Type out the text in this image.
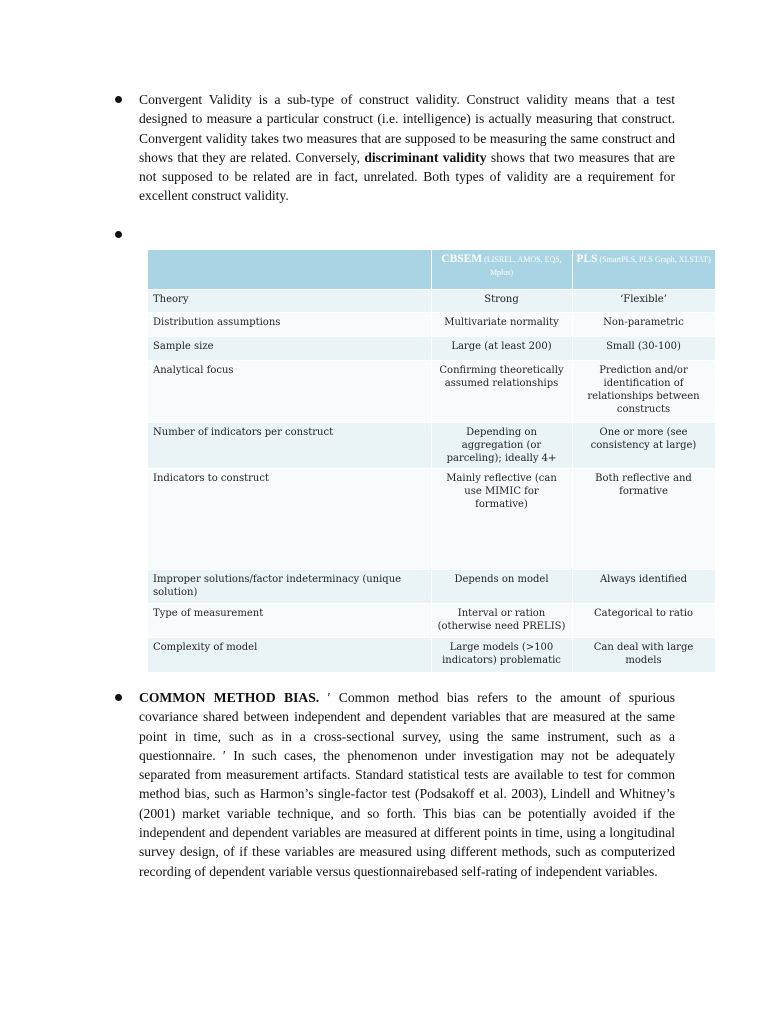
Convergent Validity is a sub-type of construct validity. Construct validity means that a test designed to measure a particular construct (i.e. intelligence) is actually measuring that construct. Convergent validity takes two measures that are supposed to be measuring the same construct and shows that they are related. Conversely, discriminant validity shows that two measures that are not supposed to be related are in fact, unrelated. Both types of validity are a requirement for excellent construct validity.

	CBSEM (LISREL, AMOS, EQS, Mplus)	PLS (SmartPLS, PLS Graph, XLSTAT)
Theory	Strong	‘Flexible’
Distribution assumptions	Multivariate normality	Non-parametric
Sample size	Large (at least 200)	Small (30-100)
Analytical focus	Confirming theoretically assumed relationships	Prediction and/or identification of relationships between constructs
Number of indicators per construct	Depending on aggregation (or parceling); ideally 4+	One or more (see consistency at large)
Indicators to construct	Mainly reflective (can use MIMIC for formative)	Both reflective and formative
Improper solutions/factor indeterminacy (unique solution)	Depends on model	Always identified
Type of measurement	Interval or ration (otherwise need PRELIS)	Categorical to ratio
Complexity of model	Large models (>100 indicators) problematic	Can deal with large models

COMMON METHOD BIAS. ′ Common method bias refers to the amount of spurious covariance shared between independent and dependent variables that are measured at the same point in time, such as in a cross-sectional survey, using the same instrument, such as a questionnaire. ′ In such cases, the phenomenon under investigation may not be adequately separated from measurement artifacts. Standard statistical tests are available to test for common method bias, such as Harmon’s single-factor test (Podsakoff et al. 2003), Lindell and Whitney’s (2001) market variable technique, and so forth. This bias can be potentially avoided if the independent and dependent variables are measured at different points in time, using a longitudinal survey design, of if these variables are measured using different methods, such as computerized recording of dependent variable versus questionnairebased self-rating of independent variables.
